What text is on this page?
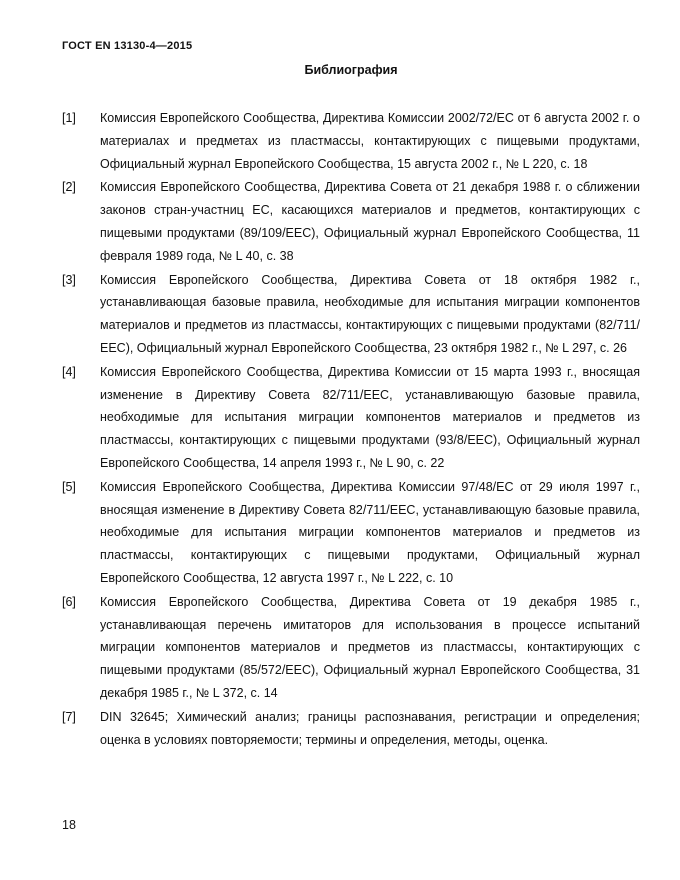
ГОСТ EN 13130-4—2015
Библиография
[1]	Комиссия Европейского Сообщества, Директива Комиссии 2002/72/ЕС от 6 августа 2002 г. о материалах и предметах из пластмассы, контактирующих с пищевыми продуктами, Официальный журнал Европейского Сообщества, 15 августа 2002 г., № L 220, с. 18
[2]	Комиссия Европейского Сообщества, Директива Совета от 21 декабря 1988 г. о сближении законов стран-участниц ЕС, касающихся материалов и предметов, контактирующих с пищевыми продуктами (89/109/ЕЕС), Официальный журнал Европейского Сообщества, 11 февраля 1989 года, № L 40, с. 38
[3]	Комиссия Европейского Сообщества, Директива Совета от 18 октября 1982 г., устанавливающая базовые правила, необходимые для испытания миграции компонентов материалов и предметов из пластмассы, контактирующих с пищевыми продуктами (82/711/ЕЕС), Официальный журнал Европейского Сообщества, 23 октября 1982 г., № L 297, с. 26
[4]	Комиссия Европейского Сообщества, Директива Комиссии от 15 марта 1993 г., вносящая изменение в Директиву Совета 82/711/ЕЕС, устанавливающую базовые правила, необходимые для испытания миграции компонентов материалов и предметов из пластмассы, контактирующих с пищевыми продуктами (93/8/ЕЕС), Официальный журнал Европейского Сообщества, 14 апреля 1993 г., № L 90, с. 22
[5]	Комиссия Европейского Сообщества, Директива Комиссии 97/48/ЕС от 29 июля 1997 г., вносящая изменение в Директиву Совета 82/711/ЕЕС, устанавливающую базовые правила, необходимые для испытания миграции компонентов материалов и предметов из пластмассы, контактирующих с пищевыми продуктами, Официальный журнал Европейского Сообщества, 12 августа 1997 г., № L 222, с. 10
[6]	Комиссия Европейского Сообщества, Директива Совета от 19 декабря 1985 г., устанавливающая перечень имитаторов для использования в процессе испытаний миграции компонентов материалов и предметов из пластмассы, контактирующих с пищевыми продуктами (85/572/ЕЕС), Официальный журнал Европейского Сообщества, 31 декабря 1985 г., № L 372, с. 14
[7]	DIN 32645; Химический анализ; границы распознавания, регистрации и определения; оценка в условиях повторяемости; термины и определения, методы, оценка.
18
